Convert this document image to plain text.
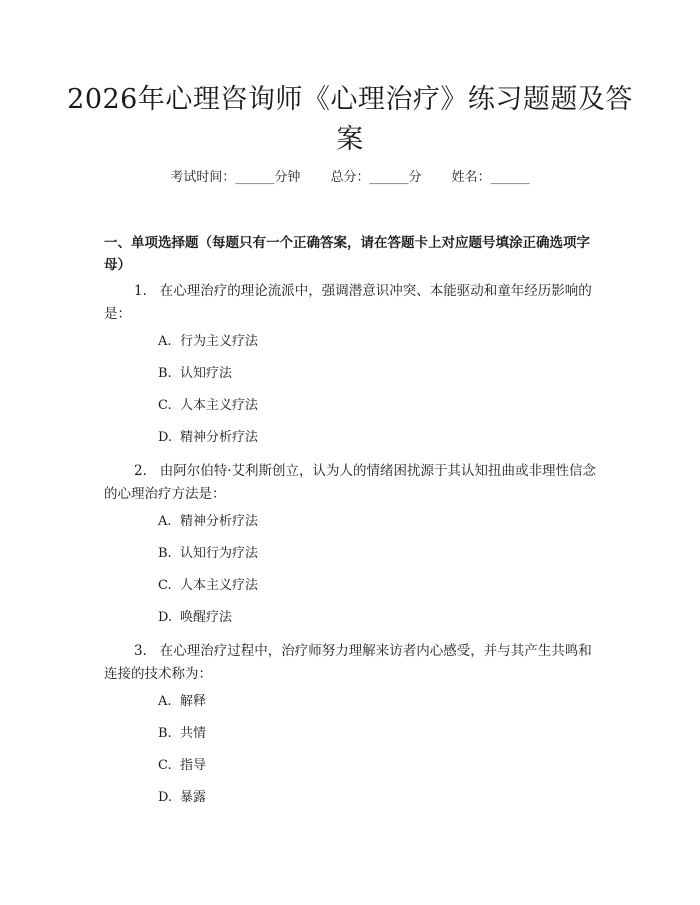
2026年心理咨询师《心理治疗》练习题题及答案
考试时间：______分钟 总分：______分 姓名：______
一、单项选择题（每题只有一个正确答案，请在答题卡上对应题号填涂正确选项字母）
1. 在心理治疗的理论流派中，强调潜意识冲突、本能驱动和童年经历影响的是：
A. 行为主义疗法
B. 认知疗法
C. 人本主义疗法
D. 精神分析疗法
2. 由阿尔伯特·艾利斯创立，认为人的情绪困扰源于其认知扭曲或非理性信念的心理治疗方法是：
A. 精神分析疗法
B. 认知行为疗法
C. 人本主义疗法
D. 唤醒疗法
3. 在心理治疗过程中，治疗师努力理解来访者内心感受，并与其产生共鸣和连接的技术称为：
A. 解释
B. 共情
C. 指导
D. 暴露
